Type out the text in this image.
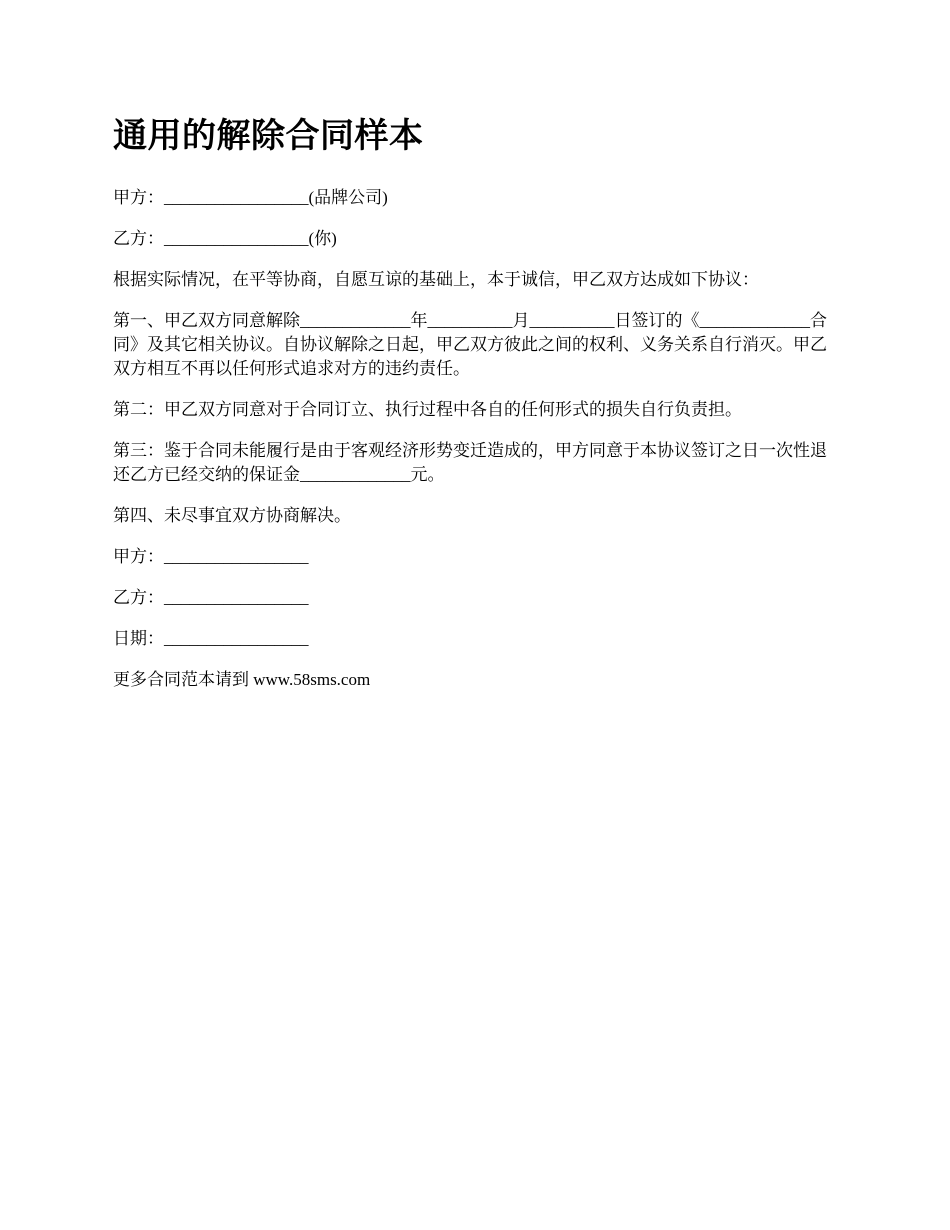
通用的解除合同样本

甲方：_________________(品牌公司)

乙方：_________________(你)

根据实际情况，在平等协商，自愿互谅的基础上，本于诚信，甲乙双方达成如下协议：

第一、甲乙双方同意解除_____________年__________月__________日签订的《_____________合同》及其它相关协议。自协议解除之日起，甲乙双方彼此之间的权利、义务关系自行消灭。甲乙双方相互不再以任何形式追求对方的违约责任。

第二：甲乙双方同意对于合同订立、执行过程中各自的任何形式的损失自行负责担。

第三：鉴于合同未能履行是由于客观经济形势变迁造成的，甲方同意于本协议签订之日一次性退还乙方已经交纳的保证金_____________元。

第四、未尽事宜双方协商解决。

甲方：_________________

乙方：_________________

日期：_________________

更多合同范本请到 www.58sms.com
